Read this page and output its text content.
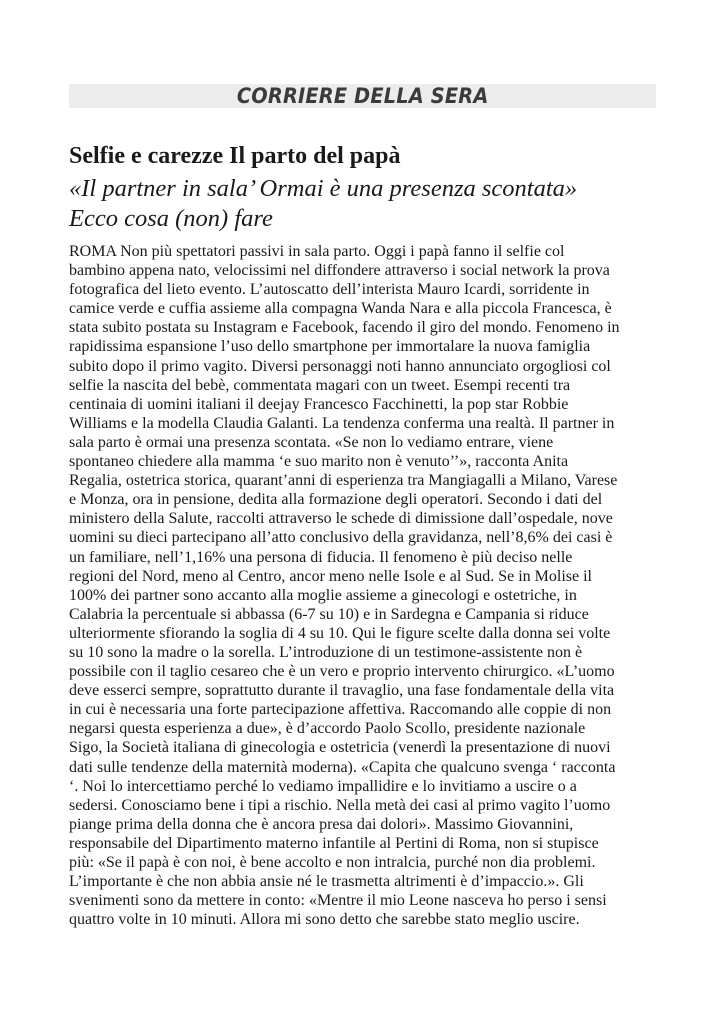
CORRIERE DELLA SERA
Selfie e carezze Il parto del papà
«Il partner in sala’ Ormai è una presenza scontata»
Ecco cosa (non) fare
ROMA Non più spettatori passivi in sala parto. Oggi i papà fanno il selfie col
bambino appena nato, velocissimi nel diffondere attraverso i social network la prova
fotografica del lieto evento. L’autoscatto dell’interista Mauro Icardi, sorridente in
camice verde e cuffia assieme alla compagna Wanda Nara e alla piccola Francesca, è
stata subito postata su Instagram e Facebook, facendo il giro del mondo. Fenomeno in
rapidissima espansione l’uso dello smartphone per immortalare la nuova famiglia
subito dopo il primo vagito. Diversi personaggi noti hanno annunciato orgogliosi col
selfie la nascita del bebè, commentata magari con un tweet. Esempi recenti tra
centinaia di uomini italiani il deejay Francesco Facchinetti, la pop star Robbie
Williams e la modella Claudia Galanti. La tendenza conferma una realtà. Il partner in
sala parto è ormai una presenza scontata. «Se non lo vediamo entrare, viene
spontaneo chiedere alla mamma ‘e suo marito non è venuto’’», racconta Anita
Regalia, ostetrica storica, quarant’anni di esperienza tra Mangiagalli a Milano, Varese
e Monza, ora in pensione, dedita alla formazione degli operatori. Secondo i dati del
ministero della Salute, raccolti attraverso le schede di dimissione dall’ospedale, nove
uomini su dieci partecipano all’atto conclusivo della gravidanza, nell’8,6% dei casi è
un familiare, nell’1,16% una persona di fiducia. Il fenomeno è più deciso nelle
regioni del Nord, meno al Centro, ancor meno nelle Isole e al Sud. Se in Molise il
100% dei partner sono accanto alla moglie assieme a ginecologi e ostetriche, in
Calabria la percentuale si abbassa (6-7 su 10) e in Sardegna e Campania si riduce
ulteriormente sfiorando la soglia di 4 su 10. Qui le figure scelte dalla donna sei volte
su 10 sono la madre o la sorella. L’introduzione di un testimone-assistente non è
possibile con il taglio cesareo che è un vero e proprio intervento chirurgico. «L’uomo
deve esserci sempre, soprattutto durante il travaglio, una fase fondamentale della vita
in cui è necessaria una forte partecipazione affettiva. Raccomando alle coppie di non
negarsi questa esperienza a due», è d’accordo Paolo Scollo, presidente nazionale
Sigo, la Società italiana di ginecologia e ostetricia (venerdì la presentazione di nuovi
dati sulle tendenze della maternità moderna). «Capita che qualcuno svenga ‘ racconta
‘. Noi lo intercettiamo perché lo vediamo impallidire e lo invitiamo a uscire o a
sedersi. Conosciamo bene i tipi a rischio. Nella metà dei casi al primo vagito l’uomo
piange prima della donna che è ancora presa dai dolori». Massimo Giovannini,
responsabile del Dipartimento materno infantile al Pertini di Roma, non si stupisce
più: «Se il papà è con noi, è bene accolto e non intralcia, purché non dia problemi.
L’importante è che non abbia ansie né le trasmetta altrimenti è d’impaccio.». Gli
svenimenti sono da mettere in conto: «Mentre il mio Leone nasceva ho perso i sensi
quattro volte in 10 minuti. Allora mi sono detto che sarebbe stato meglio uscire.
